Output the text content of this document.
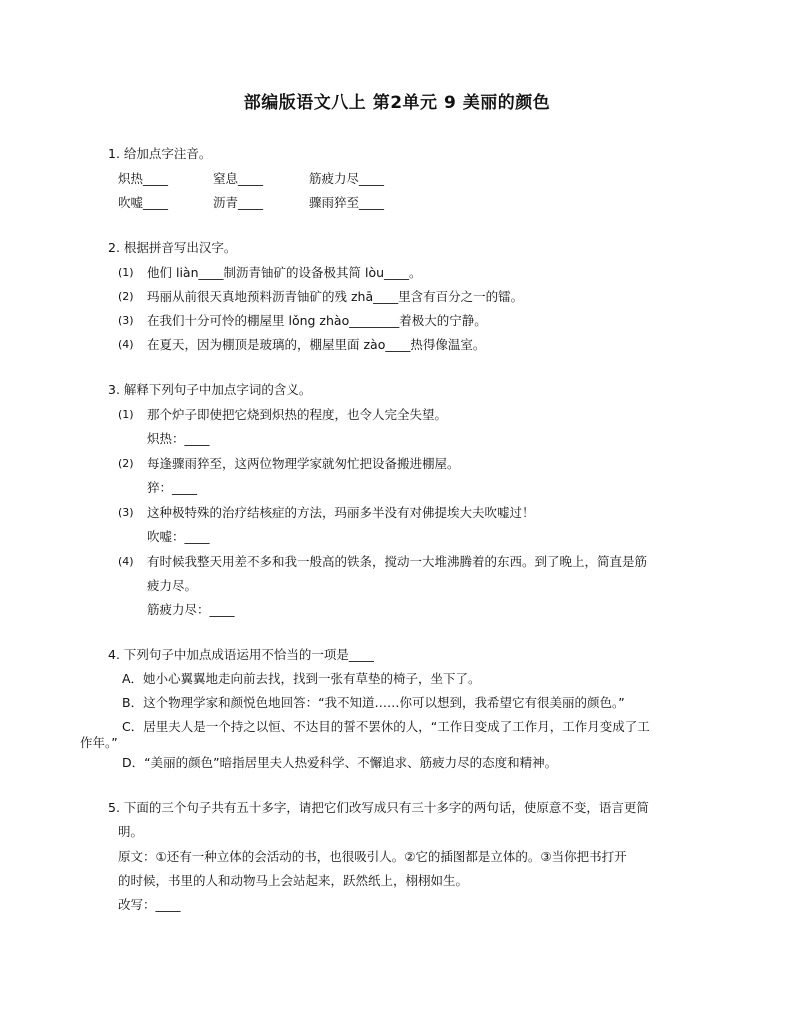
部编版语文八上 第2单元 9 美丽的颜色
1. 给加点字注音。
炽热____	窒息____	筋疲力尽____
吹嘘____	沥青____	骤雨猝至____
2. 根据拼音写出汉字。
(1) 他们 liàn____制沥青铀矿的设备极其简 lòu____。
(2) 玛丽从前很天真地预料沥青铀矿的残 zhā____里含有百分之一的镭。
(3) 在我们十分可怜的棚屋里 lǒng zhào________着极大的宁静。
(4) 在夏天，因为棚顶是玻璃的，棚屋里面 zào____热得像温室。
3. 解释下列句子中加点字词的含义。
(1) 那个炉子即使把它烧到炽热的程度，也令人完全失望。
炽热：____
(2) 每逢骤雨猝至，这两位物理学家就匆忙把设备搬进棚屋。
猝：____
(3) 这种极特殊的治疗结核症的方法，玛丽多半没有对佛提埃大夫吹嘘过！
吹嘘：____
(4) 有时候我整天用差不多和我一般高的铁条，搅动一大堆沸腾着的东西。到了晚上，简直是筋
疲力尽。
筋疲力尽：____
4. 下列句子中加点成语运用不恰当的一项是____
A．她小心翼翼地走向前去找，找到一张有草垫的椅子，坐下了。
B．这个物理学家和颜悦色地回答：“我不知道……你可以想到，我希望它有很美丽的颜色。”
C．居里夫人是一个持之以恒、不达目的誓不罢休的人，“工作日变成了工作月，工作月变成了工
作年。”
D．“美丽的颜色”暗指居里夫人热爱科学、不懈追求、筋疲力尽的态度和精神。
5. 下面的三个句子共有五十多字，请把它们改写成只有三十多字的两句话，使原意不变，语言更简
明。
原文：①还有一种立体的会活动的书，也很吸引人。②它的插图都是立体的。③当你把书打开
的时候，书里的人和动物马上会站起来，跃然纸上，栩栩如生。
改写：____
